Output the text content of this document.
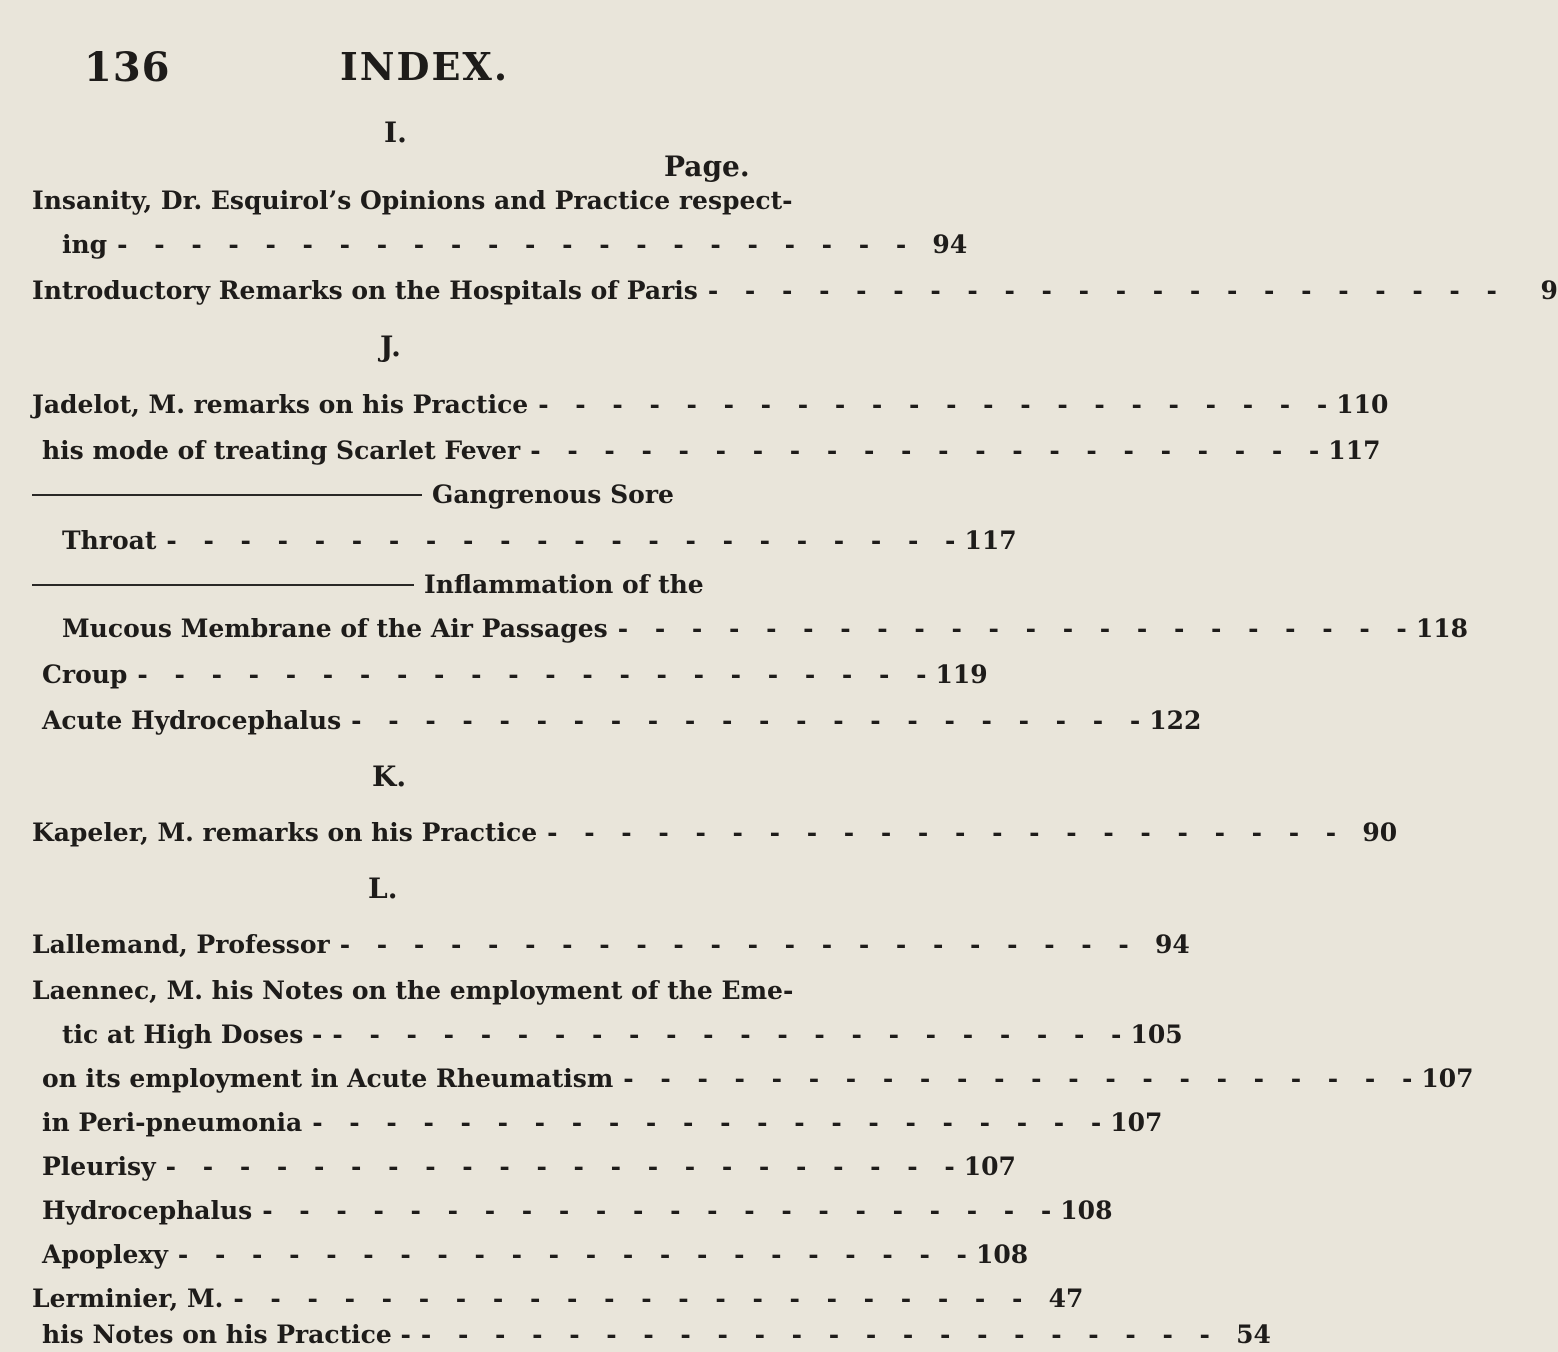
136	INDEX.
I.
Page.
Insanity, Dr. Esquirol’s Opinions and Practice respect-
ing - - - - - - - - - - - - - - - - - - - - - - 94
Introductory Remarks on the Hospitals of Paris - - - - - - - - - - - - - - - - - - - - - -	9
J.
Jadelot, M. remarks on his Practice - - - - - - - - - - - - - - - - - - - - - - 110
his mode of treating Scarlet Fever - - - - - - - - - - - - - - - - - - - - - - 117
Gangrenous Sore
Throat - - - - - - - - - - - - - - - - - - - - - - 117
Inflammation of the
Mucous Membrane of the Air Passages - - - - - - - - - - - - - - - - - - - - - - 118
Croup - - - - - - - - - - - - - - - - - - - - - - 119
Acute Hydrocephalus - - - - - - - - - - - - - - - - - - - - - - 122
K.
Kapeler, M. remarks on his Practice - - - - - - - - - - - - - - - - - - - - - - 90
L.
Lallemand, Professor - - - - - - - - - - - - - - - - - - - - - - 94
Laennec, M. his Notes on the employment of the Eme-
tic at High Doses - - - - - - - - - - - - - - - - - - - - - - - 105
on its employment in Acute Rheumatism - - - - - - - - - - - - - - - - - - - - - - 107
in Peri-pneumonia - - - - - - - - - - - - - - - - - - - - - - 107
Pleurisy - - - - - - - - - - - - - - - - - - - - - - 107
Hydrocephalus - - - - - - - - - - - - - - - - - - - - - - 108
Apoplexy - - - - - - - - - - - - - - - - - - - - - - 108
Lerminier, M. - - - - - - - - - - - - - - - - - - - - - - 47
his Notes on his Practice - - - - - - - - - - - - - - - - - - - - - - - 54
